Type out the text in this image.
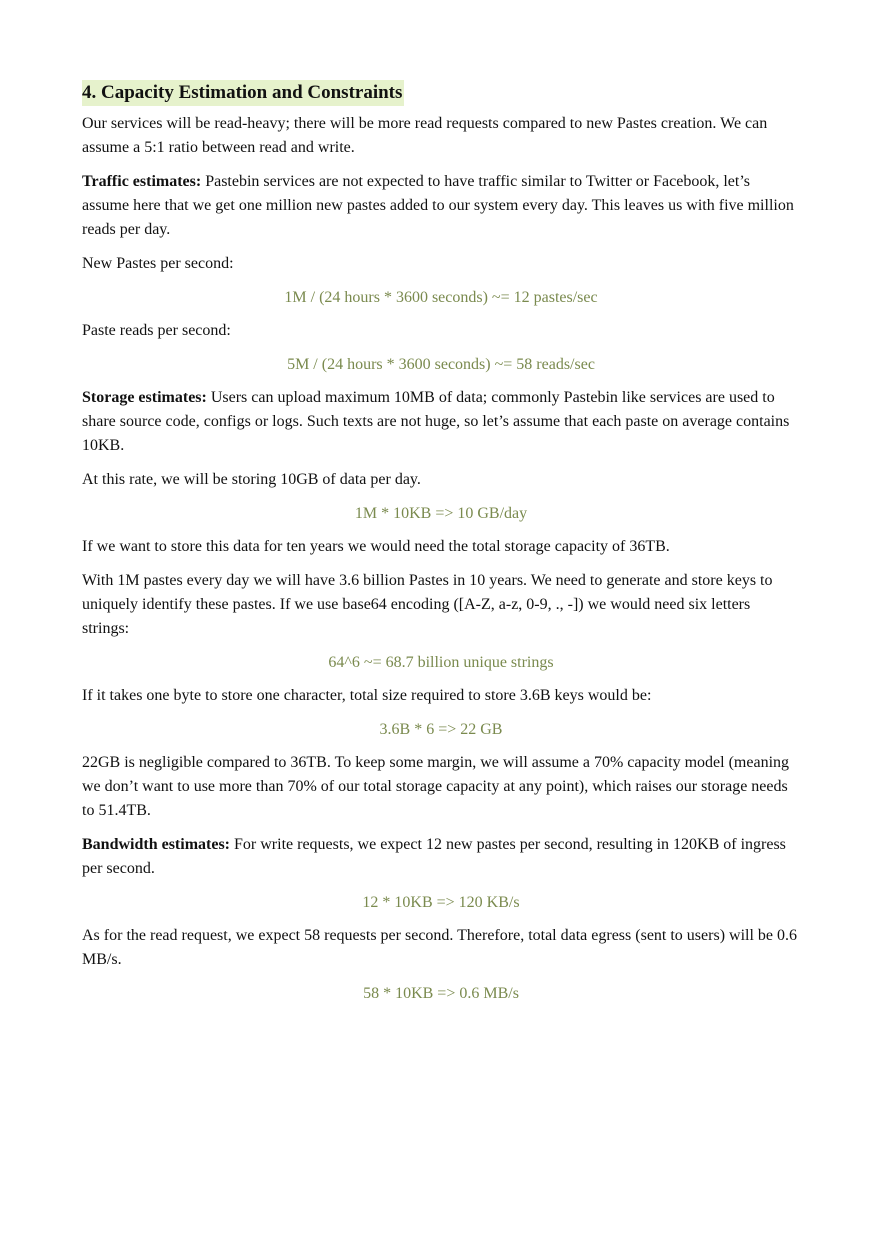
4. Capacity Estimation and Constraints

Our services will be read-heavy; there will be more read requests compared to new Pastes creation. We can assume a 5:1 ratio between read and write.

Traffic estimates: Pastebin services are not expected to have traffic similar to Twitter or Facebook, let’s assume here that we get one million new pastes added to our system every day. This leaves us with five million reads per day.

New Pastes per second:

1M / (24 hours * 3600 seconds) ~= 12 pastes/sec

Paste reads per second:

5M / (24 hours * 3600 seconds) ~= 58 reads/sec

Storage estimates: Users can upload maximum 10MB of data; commonly Pastebin like services are used to share source code, configs or logs. Such texts are not huge, so let’s assume that each paste on average contains 10KB.

At this rate, we will be storing 10GB of data per day.

1M * 10KB => 10 GB/day

If we want to store this data for ten years we would need the total storage capacity of 36TB.

With 1M pastes every day we will have 3.6 billion Pastes in 10 years. We need to generate and store keys to uniquely identify these pastes. If we use base64 encoding ([A-Z, a-z, 0-9, ., -]) we would need six letters strings:

64^6 ~= 68.7 billion unique strings

If it takes one byte to store one character, total size required to store 3.6B keys would be:

3.6B * 6 => 22 GB

22GB is negligible compared to 36TB. To keep some margin, we will assume a 70% capacity model (meaning we don’t want to use more than 70% of our total storage capacity at any point), which raises our storage needs to 51.4TB.

Bandwidth estimates: For write requests, we expect 12 new pastes per second, resulting in 120KB of ingress per second.

12 * 10KB => 120 KB/s

As for the read request, we expect 58 requests per second. Therefore, total data egress (sent to users) will be 0.6 MB/s.

58 * 10KB => 0.6 MB/s
